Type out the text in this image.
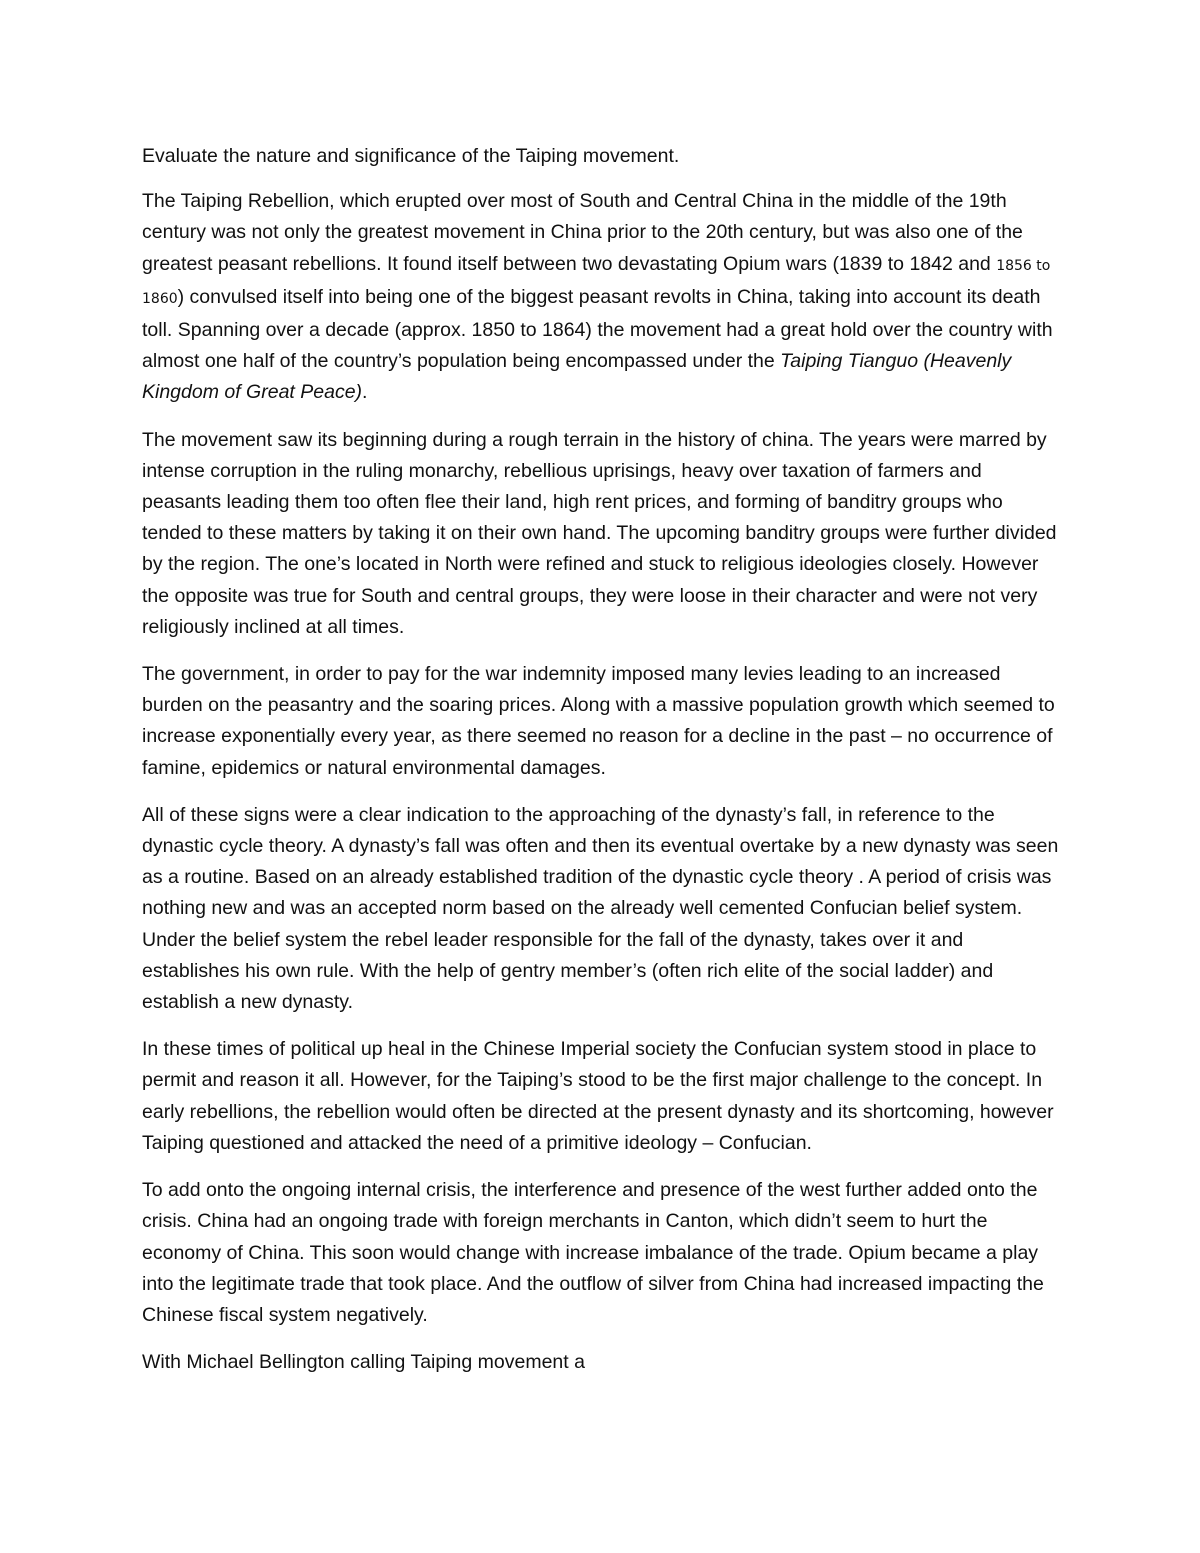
Evaluate the nature and significance of the Taiping movement.

The Taiping Rebellion, which erupted over most of South and Central China in the middle of the 19th century was not only the greatest movement in China prior to the 20th century, but was also one of the greatest peasant rebellions. It found itself between two devastating Opium wars (1839 to 1842 and 1856 to 1860) convulsed itself into being one of the biggest peasant revolts in China, taking into account its death toll. Spanning over a decade (approx. 1850 to 1864) the movement had a great hold over the country with almost one half of the country’s population being encompassed under the Taiping Tianguo (Heavenly Kingdom of Great Peace).

The movement saw its beginning during a rough terrain in the history of china. The years were marred by intense corruption in the ruling monarchy, rebellious uprisings, heavy over taxation of farmers and peasants leading them too often flee their land, high rent prices, and forming of banditry groups who tended to these matters by taking it on their own hand. The upcoming banditry groups were further divided by the region. The one’s located in North were refined and stuck to religious ideologies closely. However the opposite was true for South and central groups, they were loose in their character and were not very religiously inclined at all times.

The government, in order to pay for the war indemnity imposed many levies leading to an increased burden on the peasantry and the soaring prices. Along with a massive population growth which seemed to increase exponentially every year, as there seemed no reason for a decline in the past – no occurrence of famine, epidemics or natural environmental damages.

All of these signs were a clear indication to the approaching of the dynasty’s fall, in reference to the dynastic cycle theory. A dynasty’s fall was often and then its eventual overtake by a new dynasty was seen as a routine. Based on an already established tradition of the dynastic cycle theory . A period of crisis was nothing new and was an accepted norm based on the already well cemented Confucian belief system. Under the belief system the rebel leader responsible for the fall of the dynasty, takes over it and establishes his own rule. With the help of gentry member’s (often rich elite of the social ladder) and establish a new dynasty.

In these times of political up heal in the Chinese Imperial society the Confucian system stood in place to permit and reason it all. However, for the Taiping’s stood to be the first major challenge to the concept. In early rebellions, the rebellion would often be directed at the present dynasty and its shortcoming, however Taiping questioned and attacked the need of a primitive ideology – Confucian.

To add onto the ongoing internal crisis, the interference and presence of the west further added onto the crisis. China had an ongoing trade with foreign merchants in Canton, which didn’t seem to hurt the economy of China. This soon would change with increase imbalance of the trade. Opium became a play into the legitimate trade that took place. And the outflow of silver from China had increased impacting the Chinese fiscal system negatively.

With Michael Bellington calling Taiping movement a
